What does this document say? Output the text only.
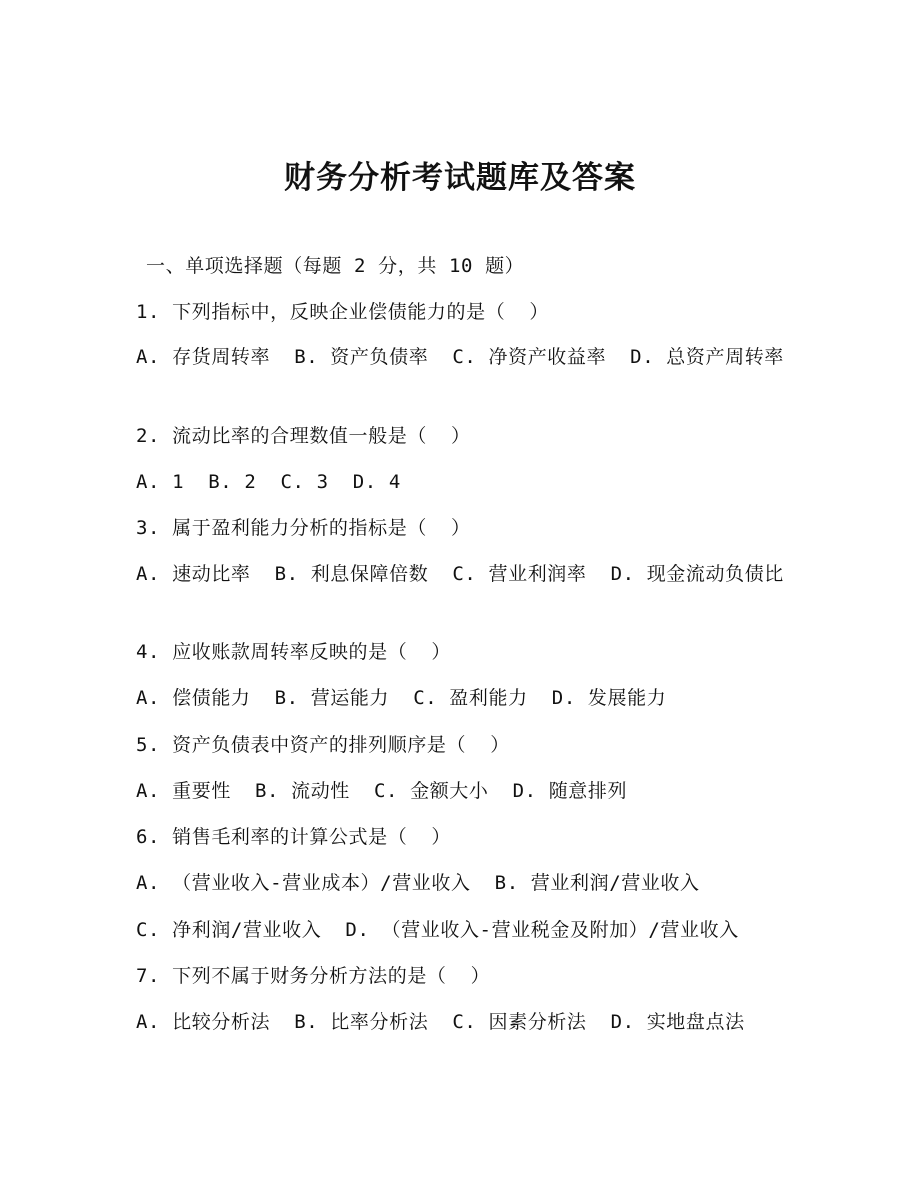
财务分析考试题库及答案
一、单项选择题（每题 2 分，共 10 题）
1. 下列指标中，反映企业偿债能力的是（  ）
A. 存货周转率  B. 资产负债率  C. 净资产收益率  D. 总资产周转率
2. 流动比率的合理数值一般是（  ）
A. 1  B. 2  C. 3  D. 4
3. 属于盈利能力分析的指标是（  ）
A. 速动比率  B. 利息保障倍数  C. 营业利润率  D. 现金流动负债比
4. 应收账款周转率反映的是（  ）
A. 偿债能力  B. 营运能力  C. 盈利能力  D. 发展能力
5. 资产负债表中资产的排列顺序是（  ）
A. 重要性  B. 流动性  C. 金额大小  D. 随意排列
6. 销售毛利率的计算公式是（  ）
A. （营业收入-营业成本）/营业收入  B. 营业利润/营业收入
C. 净利润/营业收入  D. （营业收入-营业税金及附加）/营业收入
7. 下列不属于财务分析方法的是（  ）
A. 比较分析法  B. 比率分析法  C. 因素分析法  D. 实地盘点法
